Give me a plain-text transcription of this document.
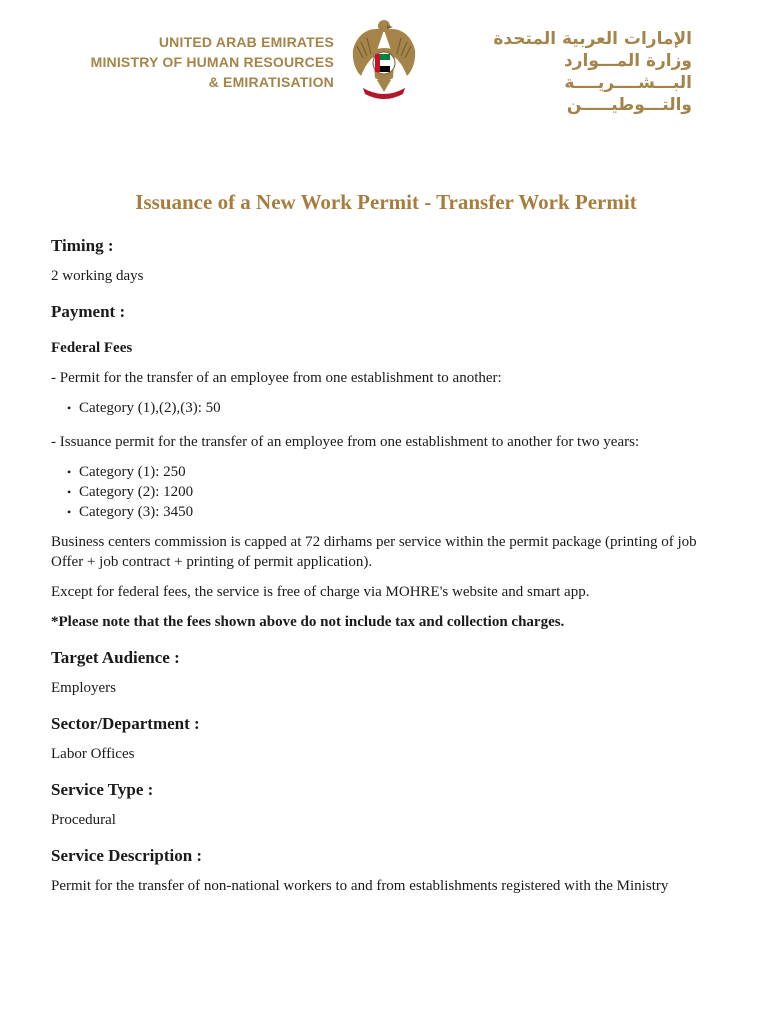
UNITED ARAB EMIRATES
MINISTRY OF HUMAN RESOURCES
& EMIRATISATION
الإمارات العربية المتحدة
وزارة المـــوارد البـــشــــريــــة
والتـــوطيـــــن
Issuance of a New Work Permit - Transfer Work Permit
Timing :
2 working days
Payment :
Federal Fees
- Permit for the transfer of an employee from one establishment to another:
• Category (1),(2),(3): 50
- Issuance permit for the transfer of an employee from one establishment to another for two years:
• Category (1): 250
• Category (2): 1200
• Category (3): 3450
Business centers commission is capped at 72 dirhams per service within the permit package (printing of job Offer + job contract + printing of permit application).
Except for federal fees, the service is free of charge via MOHRE's website and smart app.
*Please note that the fees shown above do not include tax and collection charges.
Target Audience :
Employers
Sector/Department :
Labor Offices
Service Type :
Procedural
Service Description :
Permit for the transfer of non-national workers to and from establishments registered with the Ministry
